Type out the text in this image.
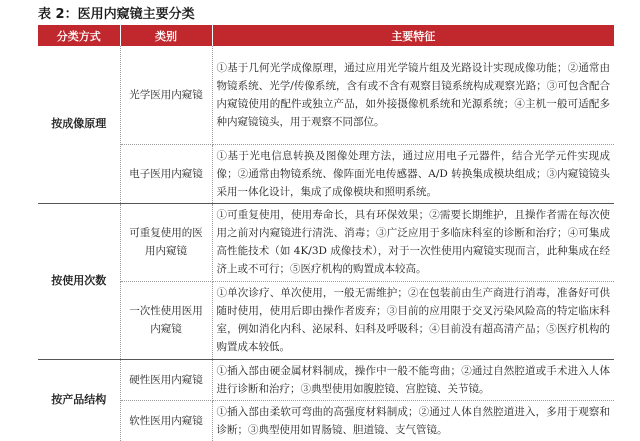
表 2：医用内窥镜主要分类
分类方式	类别	主要特征
按成像原理	光学医用内窥镜	①基于几何光学成像原理，通过应用光学镜片组及光路设计实现成像功能；②通常由物镜系统、光学/传像系统，含有或不含有观察目镜系统构成观察光路；③可包含配合内窥镜使用的配件或独立产品，如外接摄像机系统和光源系统；④主机一般可适配多种内窥镜镜头，用于观察不同部位。
	电子医用内窥镜	①基于光电信息转换及图像处理方法，通过应用电子元器件，结合光学元件实现成像；②通常由物镜系统、像阵面光电传感器、A/D 转换集成模块组成；③内窥镜镜头采用一体化设计，集成了成像模块和照明系统。
按使用次数	可重复使用的医用内窥镜	①可重复使用，使用寿命长，具有环保效果；②需要长期维护，且操作者需在每次使用之前对内窥镜进行清洗、消毒；③广泛应用于多临床科室的诊断和治疗；④可集成高性能技术（如 4K/3D 成像技术），对于一次性使用内窥镜实现而言，此种集成在经济上或不可行；⑤医疗机构的购置成本较高。
	一次性使用医用内窥镜	①单次诊疗、单次使用，一般无需维护；②在包装前由生产商进行消毒，准备好可供随时使用，使用后即由操作者废弃；③目前的应用限于交叉污染风险高的特定临床科室，例如消化内科、泌尿科、妇科及呼吸科；④目前没有超高清产品；⑤医疗机构的购置成本较低。
按产品结构	硬性医用内窥镜	①插入部由硬金属材料制成，操作中一般不能弯曲；②通过自然腔道或手术进入人体进行诊断和治疗；③典型使用如腹腔镜、宫腔镜、关节镜。
	软性医用内窥镜	①插入部由柔软可弯曲的高强度材料制成；②通过人体自然腔道进入，多用于观察和诊断；③典型使用如胃肠镜、胆道镜、支气管镜。
